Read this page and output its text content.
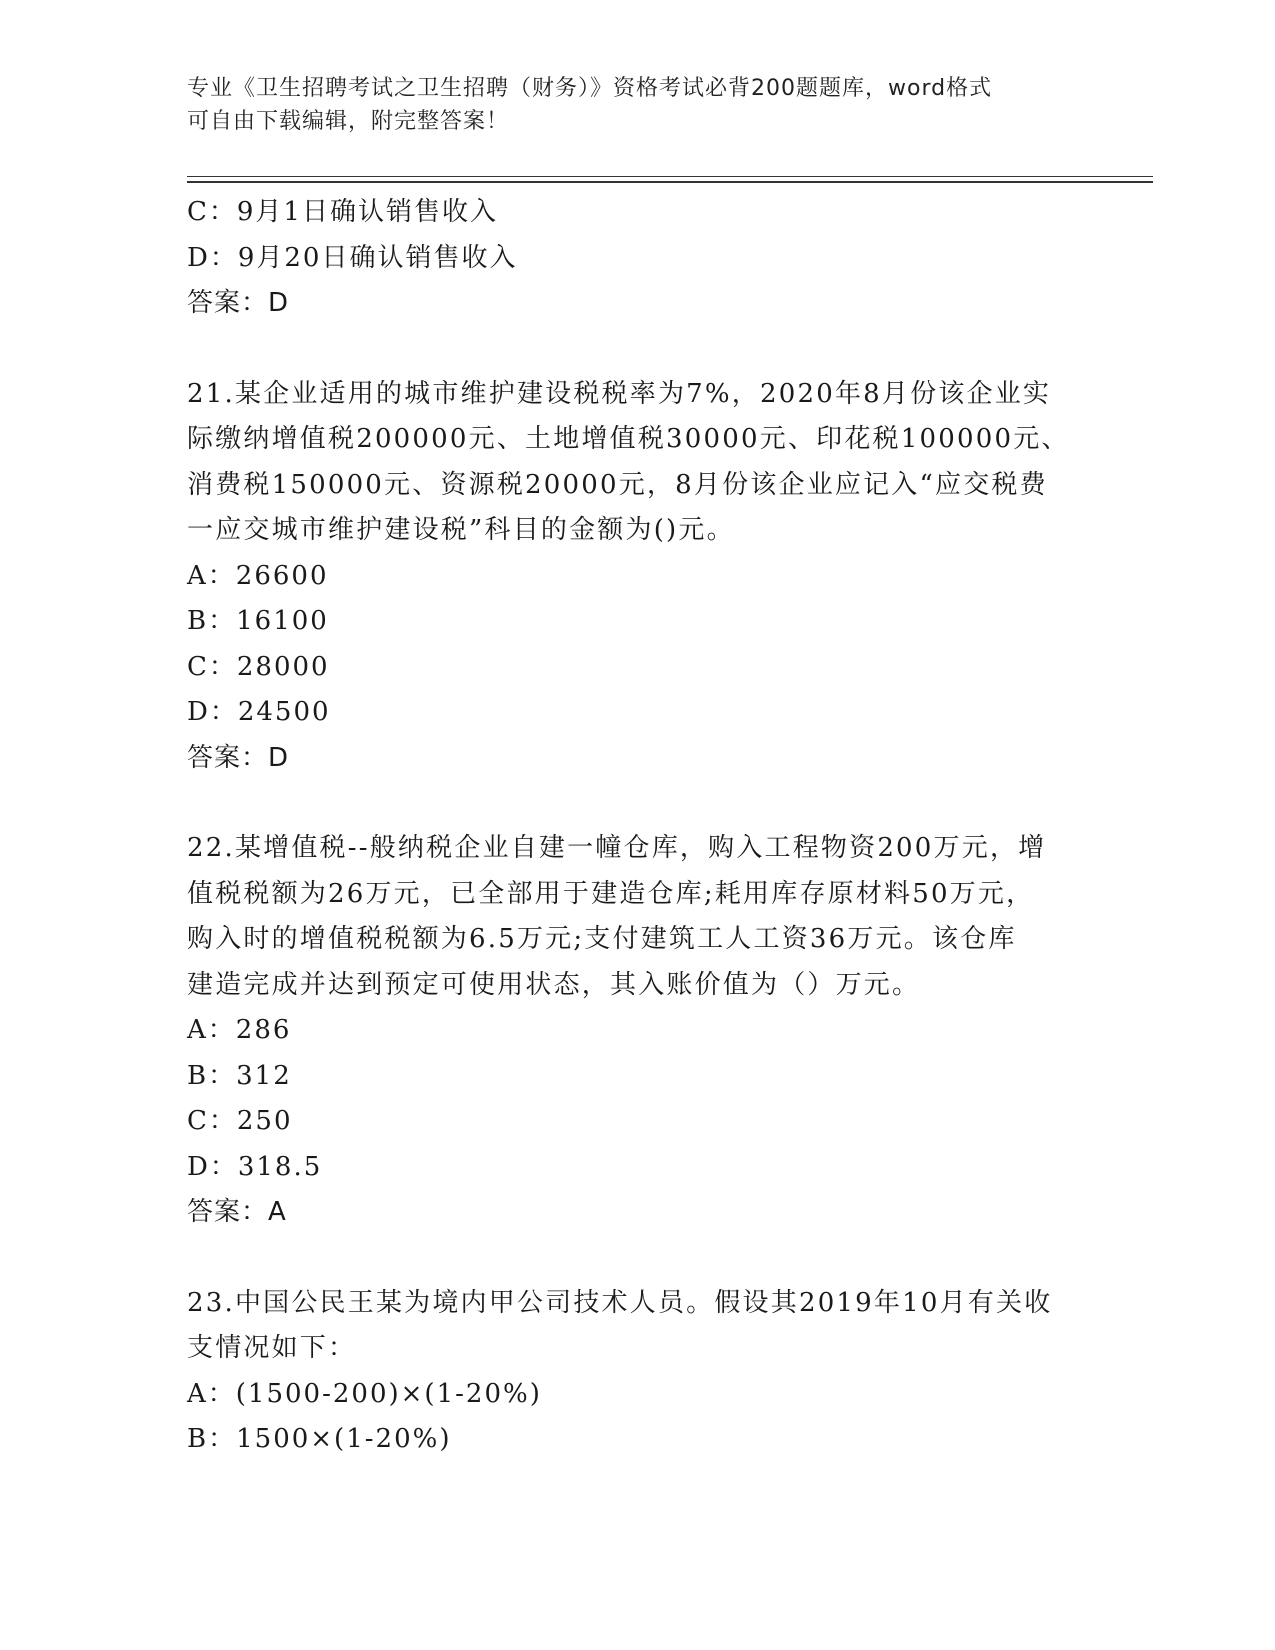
专业《卫生招聘考试之卫生招聘（财务）》资格考试必背200题题库，word格式
可自由下载编辑，附完整答案！
C：9月1日确认销售收入
D：9月20日确认销售收入
答案：D
21.某企业适用的城市维护建设税税率为7%，2020年8月份该企业实
际缴纳增值税200000元、土地增值税30000元、印花税100000元、
消费税150000元、资源税20000元，8月份该企业应记入“应交税费
一应交城市维护建设税”科目的金额为()元。
A：26600
B：16100
C：28000
D：24500
答案：D
22.某增值税--般纳税企业自建一幢仓库，购入工程物资200万元，增
值税税额为26万元，已全部用于建造仓库;耗用库存原材料50万元，
购入时的增值税税额为6.5万元;支付建筑工人工资36万元。该仓库
建造完成并达到预定可使用状态，其入账价值为（）万元。
A：286
B：312
C：250
D：318.5
答案：A
23.中国公民王某为境内甲公司技术人员。假设其2019年10月有关收
支情况如下：
A：(1500-200)×(1-20%)
B：1500×(1-20%)
